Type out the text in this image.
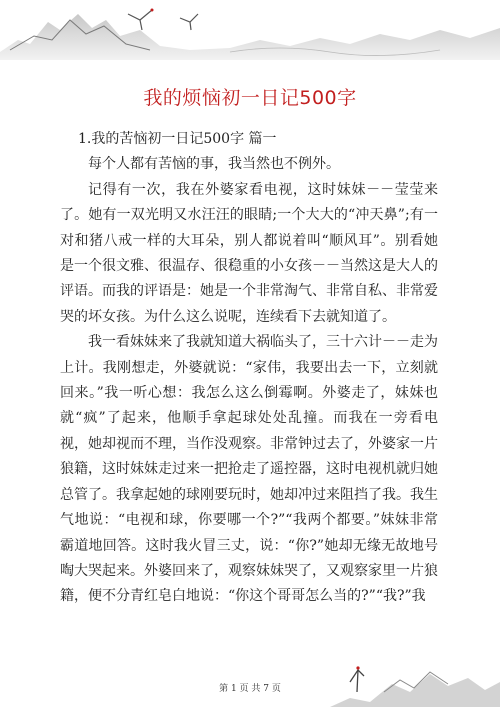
我的烦恼初一日记500字

1.我的苦恼初一日记500字 篇一

每个人都有苦恼的事，我当然也不例外。

记得有一次，我在外婆家看电视，这时妹妹－－莹莹来了。她有一双光明又水汪汪的眼睛;一个大大的“冲天鼻”;有一对和猪八戒一样的大耳朵，别人都说着叫“顺风耳”。别看她是一个很文雅、很温存、很稳重的小女孩－－当然这是大人的评语。而我的评语是：她是一个非常淘气、非常自私、非常爱哭的坏女孩。为什么这么说呢，连续看下去就知道了。

我一看妹妹来了我就知道大祸临头了，三十六计－－走为上计。我刚想走，外婆就说：“家伟，我要出去一下，立刻就回来。”我一听心想：我怎么这么倒霉啊。外婆走了，妹妹也就“疯”了起来，他顺手拿起球处处乱撞。而我在一旁看电视，她却视而不理，当作没观察。非常钟过去了，外婆家一片狼籍，这时妹妹走过来一把抢走了遥控器，这时电视机就归她总管了。我拿起她的球刚要玩时，她却冲过来阻挡了我。我生气地说：“电视和球，你要哪一个?”“我两个都要。”妹妹非常霸道地回答。这时我火冒三丈，说：“你?”她却无缘无故地号啕大哭起来。外婆回来了，观察妹妹哭了，又观察家里一片狼籍，便不分青红皂白地说：“你这个哥哥怎么当的?”“我?”我

第 1 页 共 7 页
